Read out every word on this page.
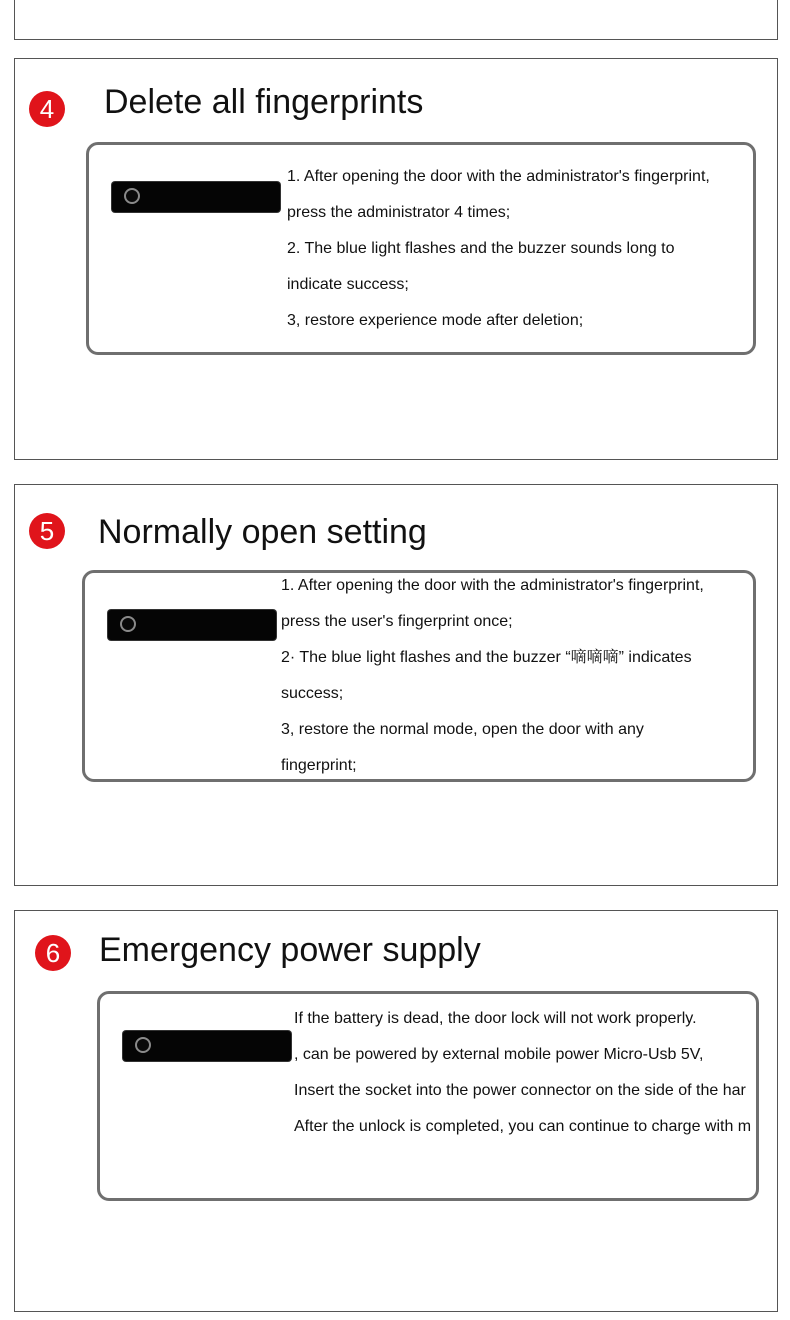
4	Delete all fingerprints
1. After opening the door with the administrator's fingerprint,
press the administrator 4 times;
2. The blue light flashes and the buzzer sounds long to
indicate success;
3, restore experience mode after deletion;
5	Normally open setting
1. After opening the door with the administrator's fingerprint,
press the user's fingerprint once;
2· The blue light flashes and the buzzer “嘀嘀嘀” indicates
success;
3, restore the normal mode, open the door with any
fingerprint;
6	Emergency power supply
If the battery is dead, the door lock will not work properly.
, can be powered by external mobile power Micro-Usb 5V,
Insert the socket into the power connector on the side of the har
After the unlock is completed, you can continue to charge with m
